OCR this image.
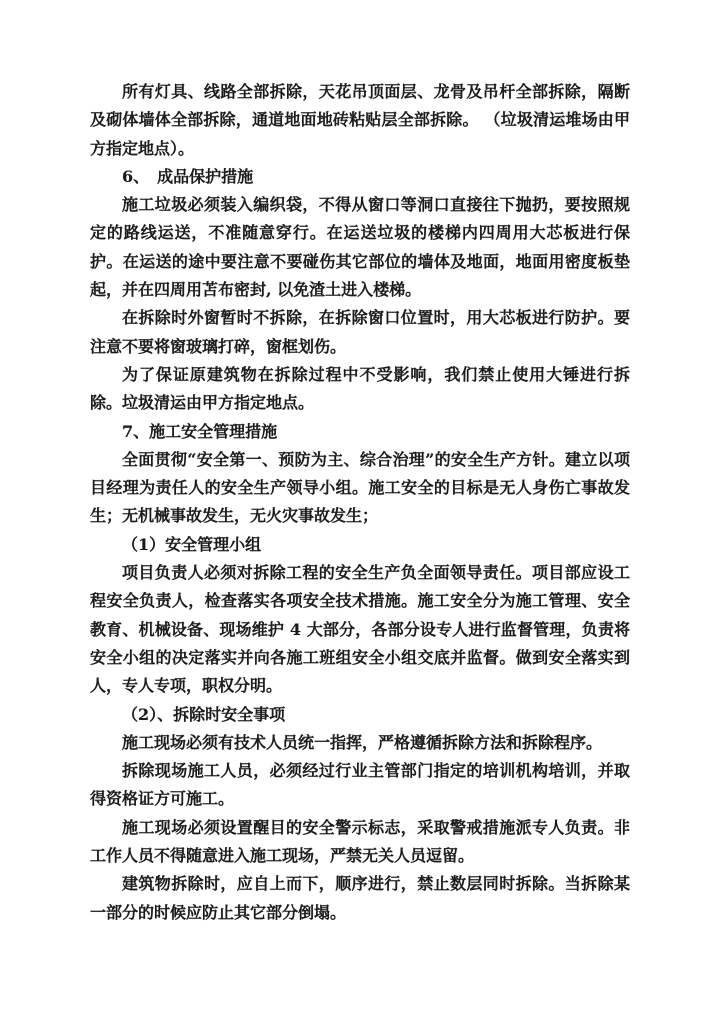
所有灯具、线路全部拆除，天花吊顶面层、龙骨及吊杆全部拆除，隔断及砌体墙体全部拆除，通道地面地砖粘贴层全部拆除。 （垃圾清运堆场由甲方指定地点）。

6、　成品保护措施

施工垃圾必须装入编织袋，不得从窗口等洞口直接往下抛扔，要按照规定的路线运送，不准随意穿行。在运送垃圾的楼梯内四周用大芯板进行保护。在运送的途中要注意不要碰伤其它部位的墙体及地面，地面用密度板垫起，并在四周用苫布密封, 以免渣土进入楼梯。

在拆除时外窗暂时不拆除，在拆除窗口位置时，用大芯板进行防护。要注意不要将窗玻璃打碎，窗框划伤。

为了保证原建筑物在拆除过程中不受影响，我们禁止使用大锤进行拆除。垃圾清运由甲方指定地点。

7、施工安全管理措施

全面贯彻“安全第一、预防为主、综合治理”的安全生产方针。建立以项目经理为责任人的安全生产领导小组。施工安全的目标是无人身伤亡事故发生；无机械事故发生，无火灾事故发生；

（1）安全管理小组

项目负责人必须对拆除工程的安全生产负全面领导责任。项目部应设工程安全负责人，检查落实各项安全技术措施。施工安全分为施工管理、安全教育、机械设备、现场维护 4 大部分，各部分设专人进行监督管理，负责将安全小组的决定落实并向各施工班组安全小组交底并监督。做到安全落实到人，专人专项，职权分明。

（2）、拆除时安全事项

施工现场必须有技术人员统一指挥，严格遵循拆除方法和拆除程序。

拆除现场施工人员，必须经过行业主管部门指定的培训机构培训，并取得资格证方可施工。

施工现场必须设置醒目的安全警示标志，采取警戒措施派专人负责。非工作人员不得随意进入施工现场，严禁无关人员逗留。

建筑物拆除时，应自上而下，顺序进行，禁止数层同时拆除。当拆除某一部分的时候应防止其它部分倒塌。
